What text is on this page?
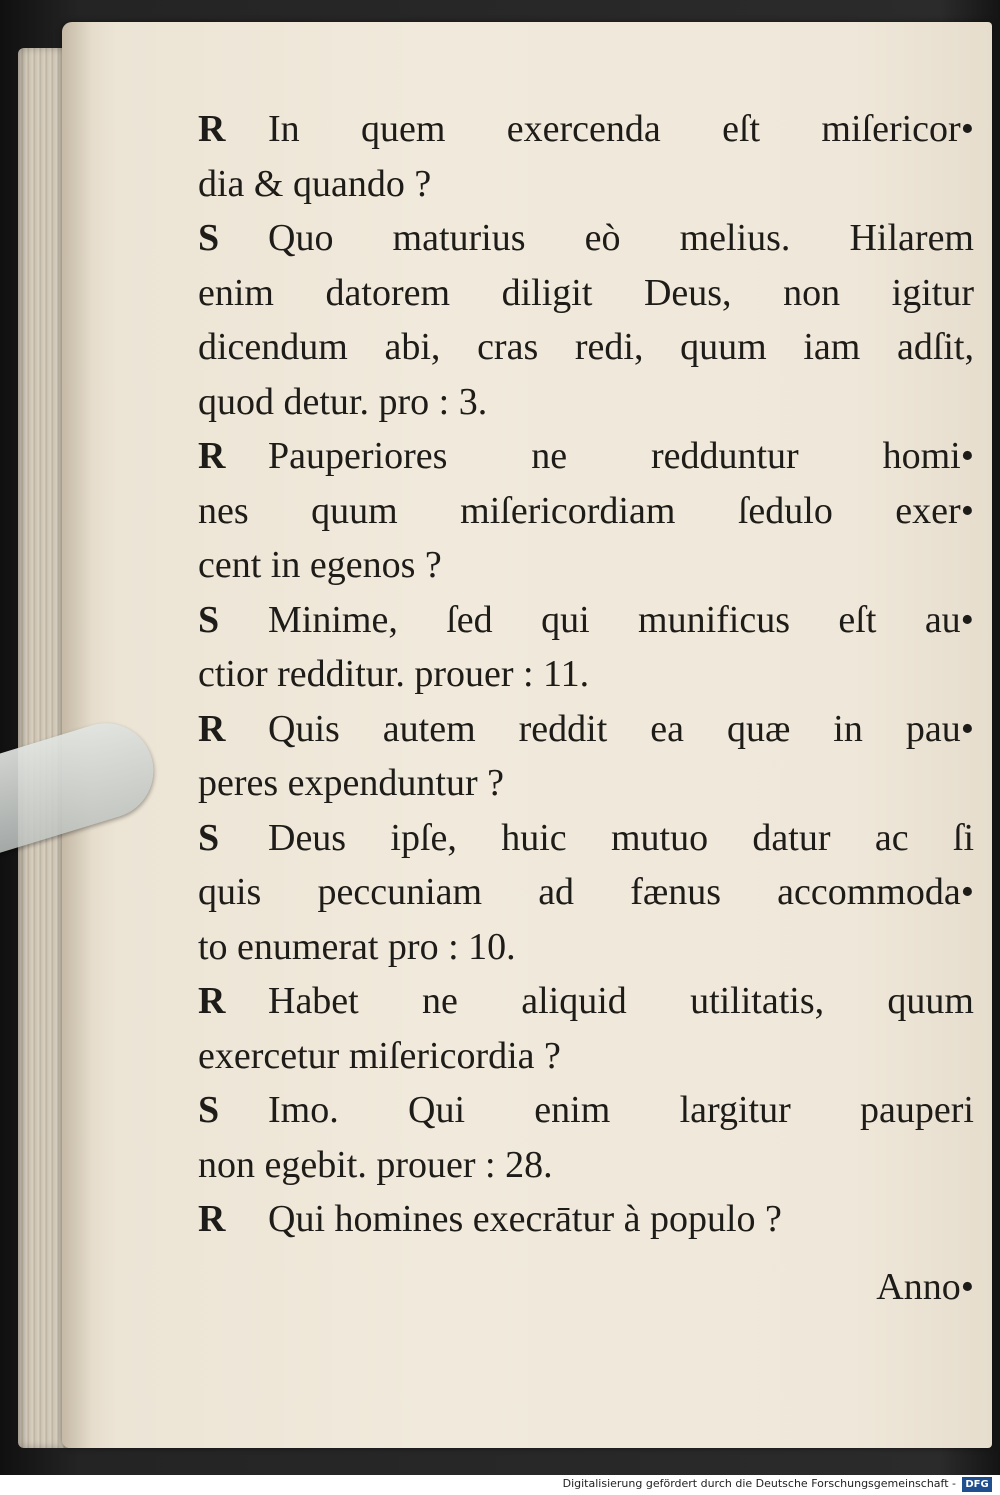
R In quem exercenda eſt miſericor•
dia & quando ?
S Quo maturius eò melius. Hilarem
enim datorem diligit Deus, non igitur
dicendum abi, cras redi, quum iam adſit,
quod detur. pro : 3.
R Pauperiores ne redduntur homi•
nes quum miſericordiam ſedulo exer•
cent in egenos ?
S Minime, ſed qui munificus eſt au•
ctior redditur. prouer : 11.
R Quis autem reddit ea quæ in pau•
peres expenduntur ?
S Deus ipſe, huic mutuo datur ac ſi
quis peccuniam ad fænus accommoda•
to enumerat pro : 10.
R Habet ne aliquid utilitatis, quum
exercetur miſericordia ?
S Imo. Qui enim largitur pauperi
non egebit. prouer : 28.
R Qui homines execrātur à populo ?
Anno•
Digitalisierung gefördert durch die Deutsche Forschungsgemeinschaft - DFG
